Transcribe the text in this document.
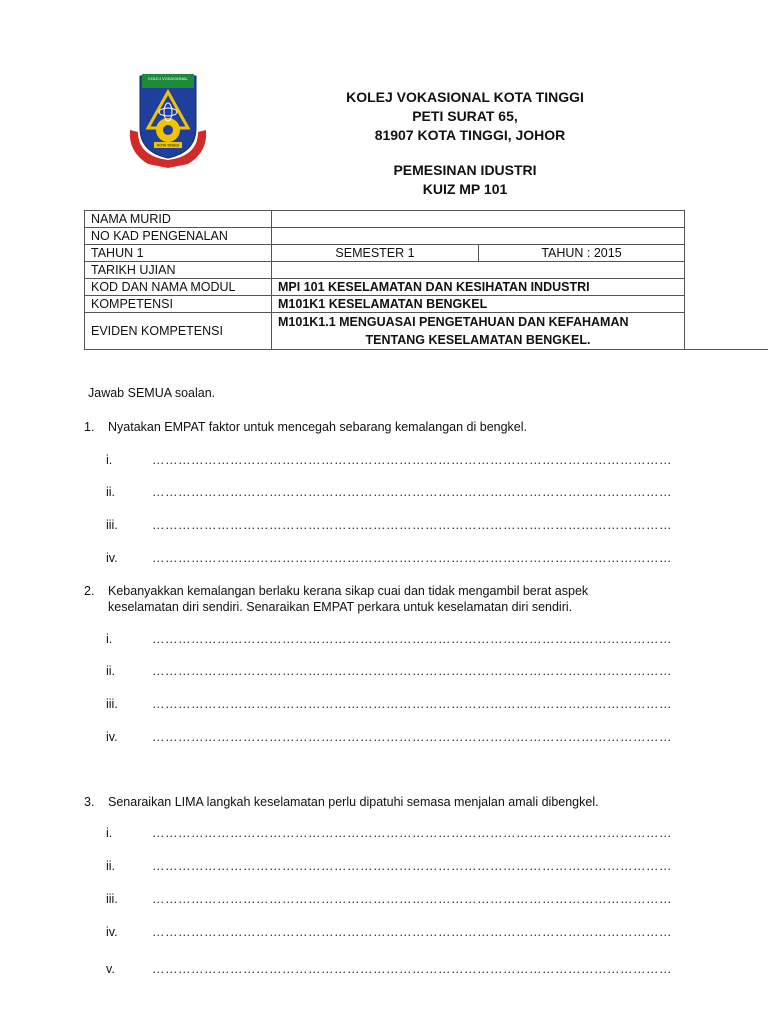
KOLEJ VOKASIONAL
KOTA TINGGI
KOLEJ VOKASIONAL KOTA TINGGI
PETI SURAT 65,
81907 KOTA TINGGI, JOHOR
PEMESINAN IDUSTRI
KUIZ MP 101
NAMA MURID		
NO KAD PENGENALAN		
TAHUN 1	SEMESTER 1	TAHUN : 2015
TARIKH UJIAN		
KOD DAN NAMA MODUL	MPI 101 KESELAMATAN DAN KESIHATAN INDUSTRI	
KOMPETENSI	M101K1 KESELAMATAN BENGKEL	
EVIDEN KOMPETENSI	M101K1.1 MENGUASAI PENGETAHUAN DAN KEFAHAMAN
TENTANG KESELAMATAN BENGKEL.	
Jawab SEMUA soalan.
1.	Nyatakan EMPAT faktor untuk mencegah sebarang kemalangan di bengkel.
i.	…………………………………………………………………………………………………………
ii.	…………………………………………………………………………………………………………
iii.	…………………………………………………………………………………………………………
iv.	…………………………………………………………………………………………………………
2.	Kebanyakkan kemalangan berlaku kerana sikap cuai dan tidak mengambil berat aspek
keselamatan diri sendiri. Senaraikan EMPAT perkara untuk keselamatan diri sendiri.
i.	…………………………………………………………………………………………………………
ii.	…………………………………………………………………………………………………………
iii.	…………………………………………………………………………………………………………
iv.	…………………………………………………………………………………………………………
3.	Senaraikan LIMA langkah keselamatan perlu dipatuhi semasa menjalan amali dibengkel.
i.	…………………………………………………………………………………………………………
ii.	…………………………………………………………………………………………………………
iii.	…………………………………………………………………………………………………………
iv.	…………………………………………………………………………………………………………
v.	…………………………………………………………………………………………………………
